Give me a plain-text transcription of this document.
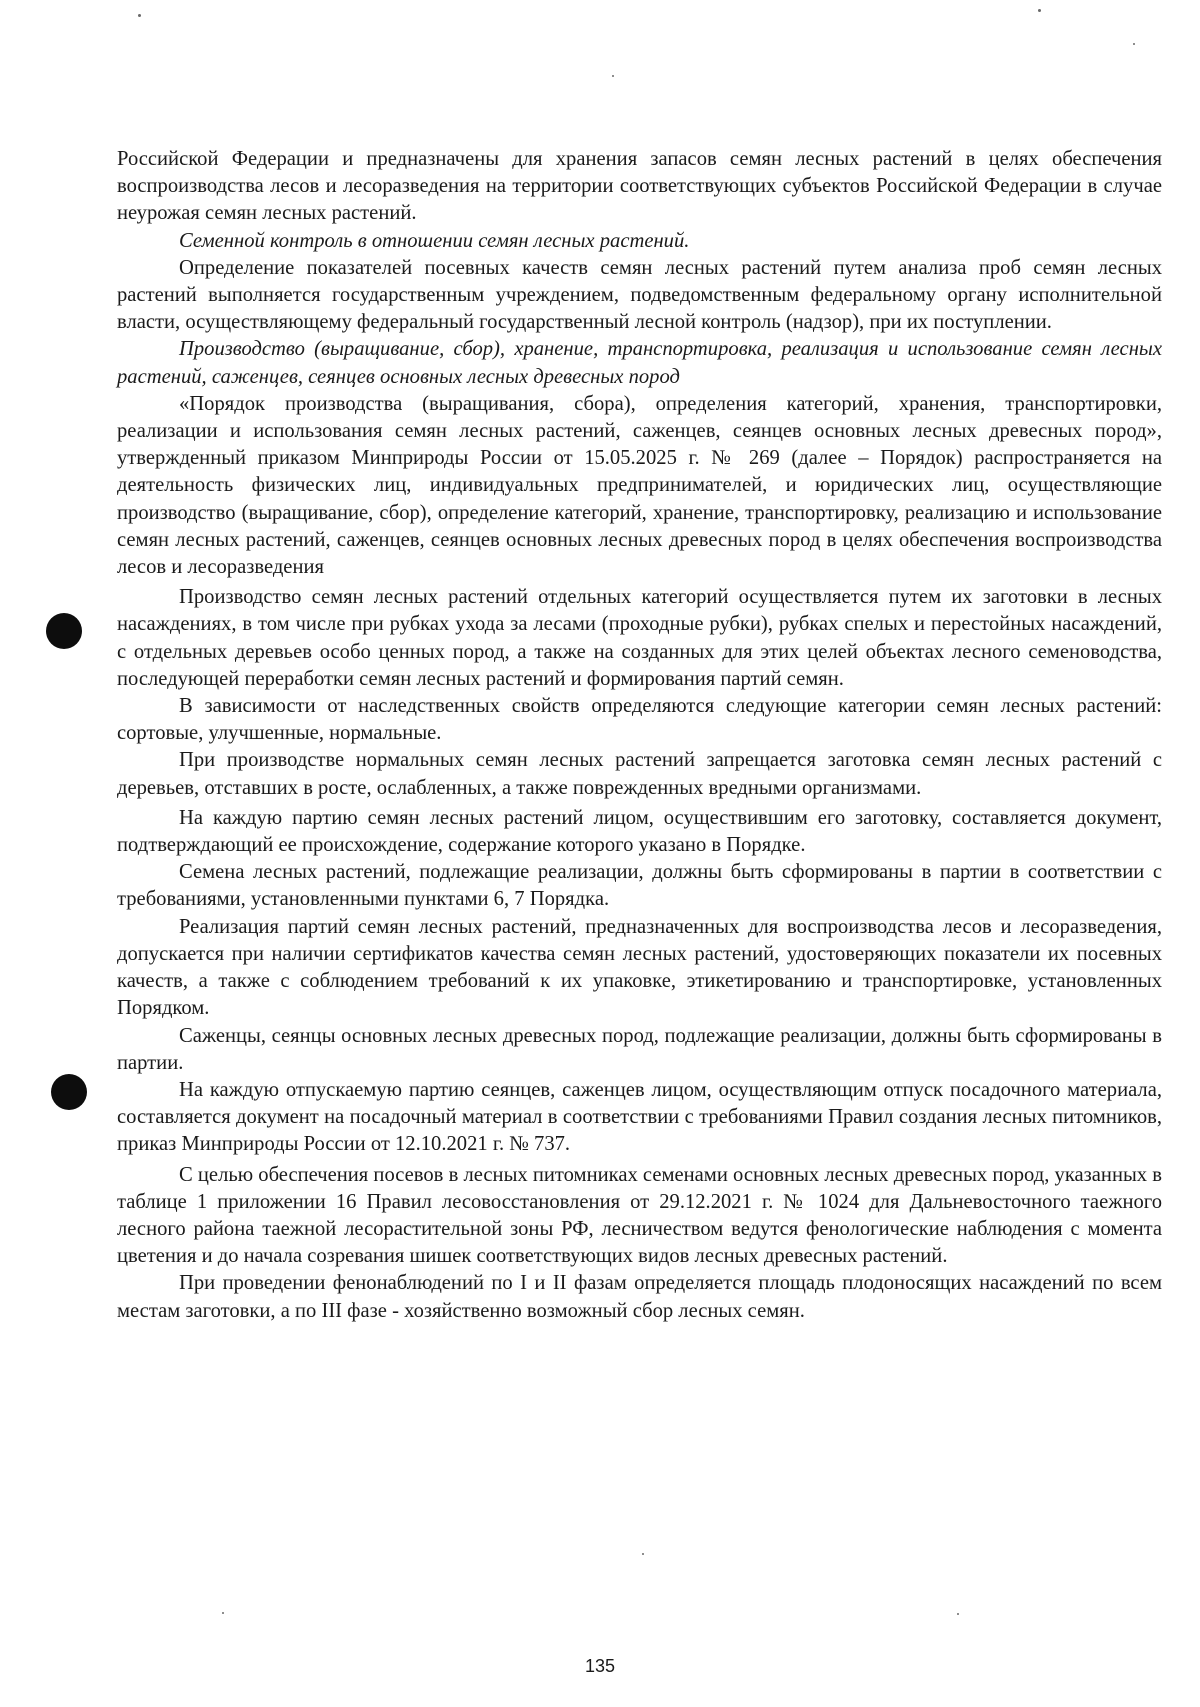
Российской Федерации и предназначены для хранения запасов семян лесных растений в целях обеспечения воспроизводства лесов и лесоразведения на территории соответствующих субъектов Российской Федерации в случае неурожая семян лесных растений.

Семенной контроль в отношении семян лесных растений.

Определение показателей посевных качеств семян лесных растений путем анализа проб семян лесных растений выполняется государственным учреждением, подведомственным федеральному органу исполнительной власти, осуществляющему федеральный государственный лесной контроль (надзор), при их поступлении.

Производство (выращивание, сбор), хранение, транспортировка, реализация и использование семян лесных растений, саженцев, сеянцев основных лесных древесных пород

«Порядок производства (выращивания, сбора), определения категорий, хранения, транспортировки, реализации и использования семян лесных растений, саженцев, сеянцев основных лесных древесных пород», утвержденный приказом Минприроды России от 15.05.2025 г. № 269 (далее – Порядок) распространяется на деятельность физических лиц, индивидуальных предпринимателей, и юридических лиц, осуществляющие производство (выращивание, сбор), определение категорий, хранение, транспортировку, реализацию и использование семян лесных растений, саженцев, сеянцев основных лесных древесных пород в целях обеспечения воспроизводства лесов и лесоразведения

Производство семян лесных растений отдельных категорий осуществляется путем их заготовки в лесных насаждениях, в том числе при рубках ухода за лесами (проходные рубки), рубках спелых и перестойных насаждений, с отдельных деревьев особо ценных пород, а также на созданных для этих целей объектах лесного семеноводства, последующей переработки семян лесных растений и формирования партий семян.

В зависимости от наследственных свойств определяются следующие категории семян лесных растений: сортовые, улучшенные, нормальные.

При производстве нормальных семян лесных растений запрещается заготовка семян лесных растений с деревьев, отставших в росте, ослабленных, а также поврежденных вредными организмами.

На каждую партию семян лесных растений лицом, осуществившим его заготовку, составляется документ, подтверждающий ее происхождение, содержание которого указано в Порядке.

Семена лесных растений, подлежащие реализации, должны быть сформированы в партии в соответствии с требованиями, установленными пунктами 6, 7 Порядка.

Реализация партий семян лесных растений, предназначенных для воспроизводства лесов и лесоразведения, допускается при наличии сертификатов качества семян лесных растений, удостоверяющих показатели их посевных качеств, а также с соблюдением требований к их упаковке, этикетированию и транспортировке, установленных Порядком.

Саженцы, сеянцы основных лесных древесных пород, подлежащие реализации, должны быть сформированы в партии.

На каждую отпускаемую партию сеянцев, саженцев лицом, осуществляющим отпуск посадочного материала, составляется документ на посадочный материал в соответствии с требованиями Правил создания лесных питомников, приказ Минприроды России от 12.10.2021 г. № 737.

С целью обеспечения посевов в лесных питомниках семенами основных лесных древесных пород, указанных в таблице 1 приложении 16 Правил лесовосстановления от 29.12.2021 г. № 1024 для Дальневосточного таежного лесного района таежной лесорастительной зоны РФ, лесничеством ведутся фенологические наблюдения с момента цветения и до начала созревания шишек соответствующих видов лесных древесных растений.

При проведении фенонаблюдений по I и II фазам определяется площадь плодоносящих насаждений по всем местам заготовки, а по III фазе - хозяйственно возможный сбор лесных семян.

135
